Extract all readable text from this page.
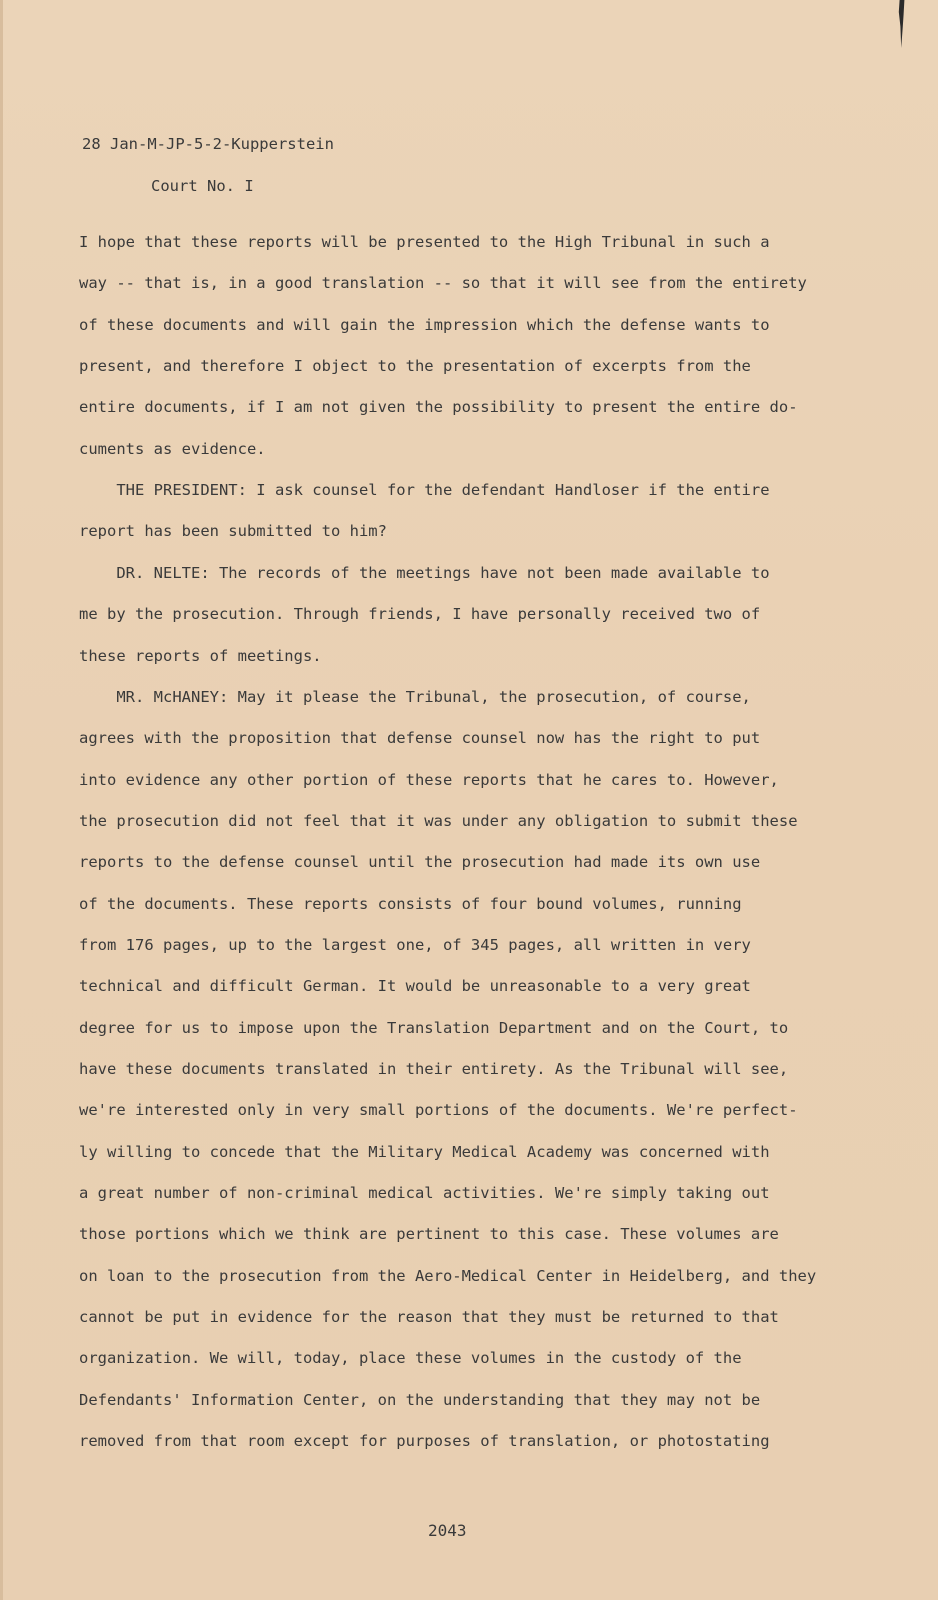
28 Jan-M-JP-5-2-Kupperstein
Court No. I
I hope that these reports will be presented to the High Tribunal in such a
way -- that is, in a good translation -- so that it will see from the entirety
of these documents and will gain the impression which the defense wants to
present, and therefore I object to the presentation of excerpts from the
entire documents, if I am not given the possibility to present the entire do-
cuments as evidence.
THE PRESIDENT: I ask counsel for the defendant Handloser if the entire
report has been submitted to him?
DR. NELTE: The records of the meetings have not been made available to
me by the prosecution. Through friends, I have personally received two of
these reports of meetings.
MR. McHANEY: May it please the Tribunal, the prosecution, of course,
agrees with the proposition that defense counsel now has the right to put
into evidence any other portion of these reports that he cares to. However,
the prosecution did not feel that it was under any obligation to submit these
reports to the defense counsel until the prosecution had made its own use
of the documents. These reports consists of four bound volumes, running
from 176 pages, up to the largest one, of 345 pages, all written in very
technical and difficult German. It would be unreasonable to a very great
degree for us to impose upon the Translation Department and on the Court, to
have these documents translated in their entirety. As the Tribunal will see,
we're interested only in very small portions of the documents. We're perfect-
ly willing to concede that the Military Medical Academy was concerned with
a great number of non-criminal medical activities. We're simply taking out
those portions which we think are pertinent to this case. These volumes are
on loan to the prosecution from the Aero-Medical Center in Heidelberg, and they
cannot be put in evidence for the reason that they must be returned to that
organization. We will, today, place these volumes in the custody of the
Defendants' Information Center, on the understanding that they may not be
removed from that room except for purposes of translation, or photostating
2043
